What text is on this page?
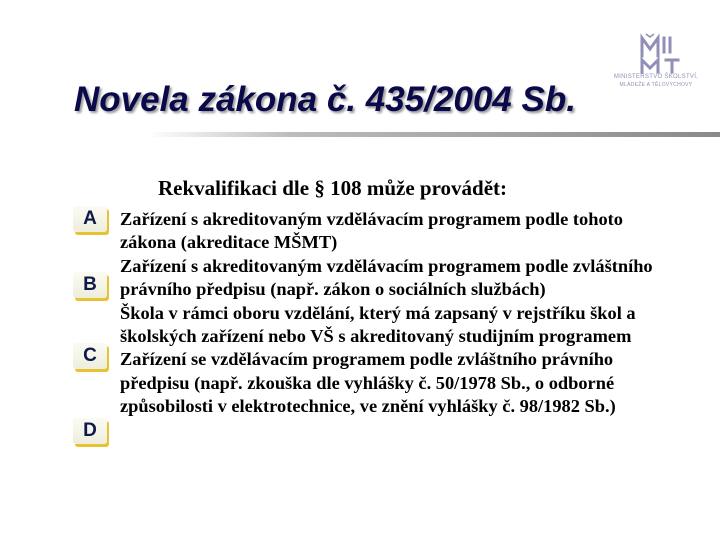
MINISTERSTVO ŠKOLSTVÍ,
MLÁDEŽE A TĚLOVÝCHOVY
Novela zákona č. 435/2004 Sb.
Rekvalifikaci dle § 108 může provádět:
A
B
C
D
Zařízení s akreditovaným vzdělávacím programem podle tohoto zákona (akreditace MŠMT)
Zařízení s akreditovaným vzdělávacím programem podle zvláštního právního předpisu (např. zákon o sociálních službách)
Škola v rámci oboru vzdělání, který má zapsaný v rejstříku škol a školských zařízení nebo VŠ s akreditovaný studijním programem
Zařízení se vzdělávacím programem podle zvláštního právního předpisu (např. zkouška dle vyhlášky č. 50/1978 Sb., o odborné způsobilosti v elektrotechnice, ve znění vyhlášky č. 98/1982 Sb.)
